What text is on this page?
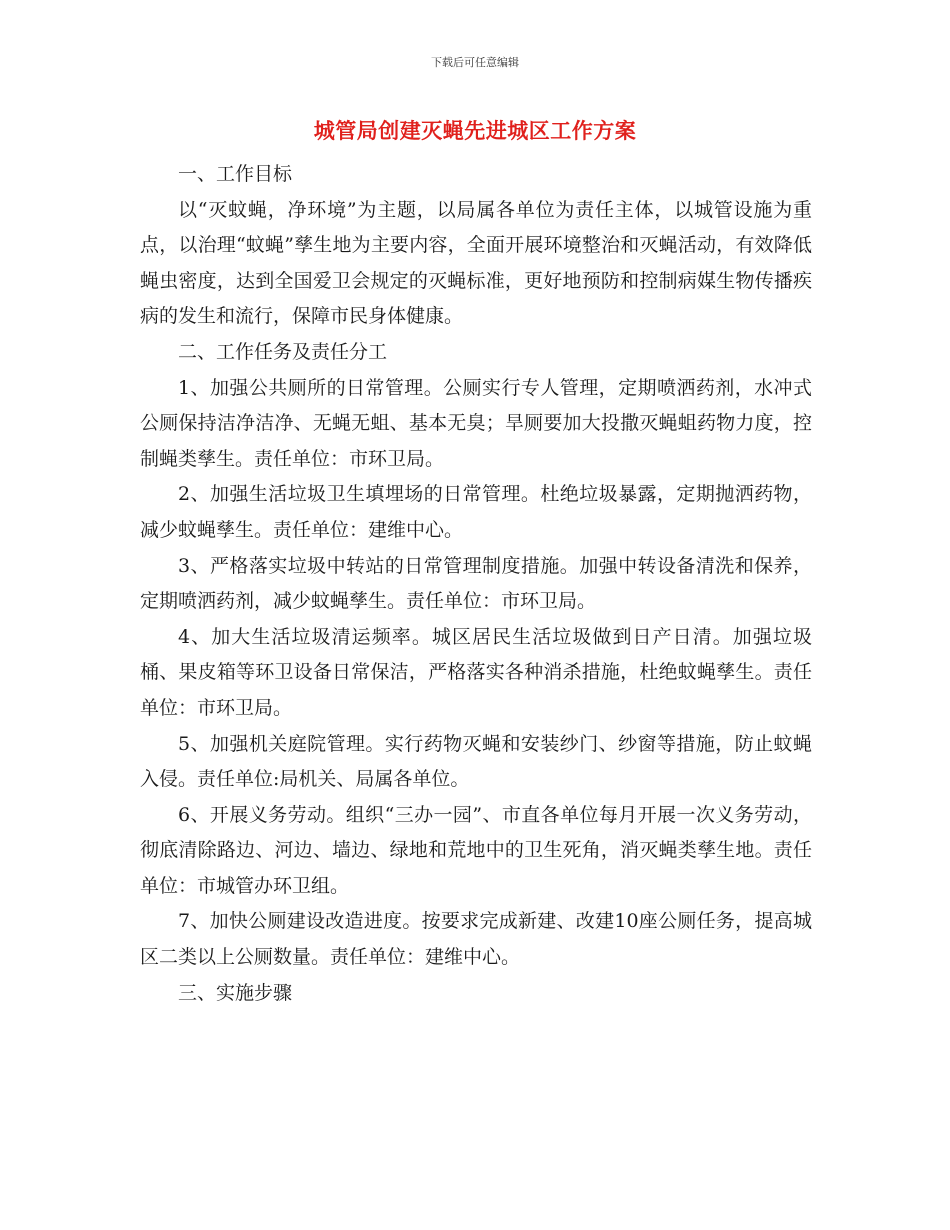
下载后可任意编辑
城管局创建灭蝇先进城区工作方案

一、工作目标

以“灭蚊蝇，净环境”为主题，以局属各单位为责任主体，以城管设施为重点，以治理“蚊蝇”孳生地为主要内容，全面开展环境整治和灭蝇活动，有效降低蝇虫密度，达到全国爱卫会规定的灭蝇标准，更好地预防和控制病媒生物传播疾病的发生和流行，保障市民身体健康。

二、工作任务及责任分工

1、加强公共厕所的日常管理。公厕实行专人管理，定期喷洒药剂，水冲式公厕保持洁净洁净、无蝇无蛆、基本无臭；旱厕要加大投撒灭蝇蛆药物力度，控制蝇类孳生。责任单位：市环卫局。

2、加强生活垃圾卫生填埋场的日常管理。杜绝垃圾暴露，定期抛洒药物，减少蚊蝇孳生。责任单位：建维中心。

3、严格落实垃圾中转站的日常管理制度措施。加强中转设备清洗和保养，定期喷洒药剂，减少蚊蝇孳生。责任单位：市环卫局。

4、加大生活垃圾清运频率。城区居民生活垃圾做到日产日清。加强垃圾桶、果皮箱等环卫设备日常保洁，严格落实各种消杀措施，杜绝蚊蝇孳生。责任单位：市环卫局。

5、加强机关庭院管理。实行药物灭蝇和安装纱门、纱窗等措施，防止蚊蝇入侵。责任单位:局机关、局属各单位。

6、开展义务劳动。组织“三办一园”、市直各单位每月开展一次义务劳动，彻底清除路边、河边、墙边、绿地和荒地中的卫生死角，消灭蝇类孳生地。责任单位：市城管办环卫组。

7、加快公厕建设改造进度。按要求完成新建、改建10座公厕任务，提高城区二类以上公厕数量。责任单位：建维中心。

三、实施步骤
